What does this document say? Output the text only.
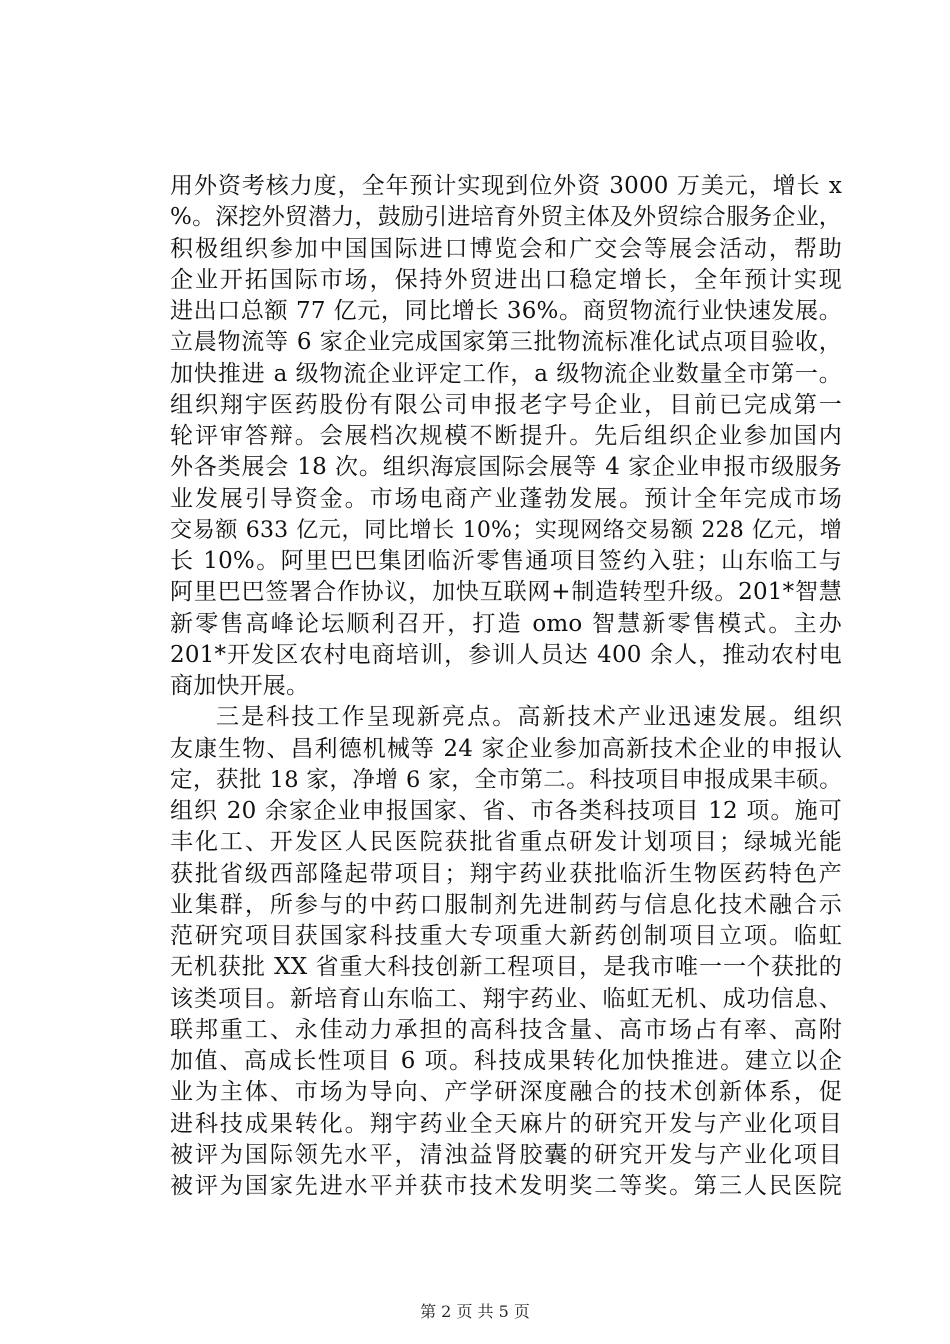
用外资考核力度，全年预计实现到位外资 3000 万美元，增长 x
%。深挖外贸潜力，鼓励引进培育外贸主体及外贸综合服务企业，
积极组织参加中国国际进口博览会和广交会等展会活动，帮助
企业开拓国际市场，保持外贸进出口稳定增长，全年预计实现
进出口总额 77 亿元，同比增长 36%。商贸物流行业快速发展。
立晨物流等 6 家企业完成国家第三批物流标准化试点项目验收，
加快推进 a 级物流企业评定工作，a 级物流企业数量全市第一。
组织翔宇医药股份有限公司申报老字号企业，目前已完成第一
轮评审答辩。会展档次规模不断提升。先后组织企业参加国内
外各类展会 18 次。组织海宸国际会展等 4 家企业申报市级服务
业发展引导资金。市场电商产业蓬勃发展。预计全年完成市场
交易额 633 亿元，同比增长 10%；实现网络交易额 228 亿元，增
长 10%。阿里巴巴集团临沂零售通项目签约入驻；山东临工与
阿里巴巴签署合作协议，加快互联网+制造转型升级。201*智慧
新零售高峰论坛顺利召开，打造 omo 智慧新零售模式。主办
201*开发区农村电商培训，参训人员达 400 余人，推动农村电
商加快开展。
三是科技工作呈现新亮点。高新技术产业迅速发展。组织
友康生物、昌利德机械等 24 家企业参加高新技术企业的申报认
定，获批 18 家，净增 6 家，全市第二。科技项目申报成果丰硕。
组织 20 余家企业申报国家、省、市各类科技项目 12 项。施可
丰化工、开发区人民医院获批省重点研发计划项目；绿城光能
获批省级西部隆起带项目；翔宇药业获批临沂生物医药特色产
业集群，所参与的中药口服制剂先进制药与信息化技术融合示
范研究项目获国家科技重大专项重大新药创制项目立项。临虹
无机获批 XX 省重大科技创新工程项目，是我市唯一一个获批的
该类项目。新培育山东临工、翔宇药业、临虹无机、成功信息、
联邦重工、永佳动力承担的高科技含量、高市场占有率、高附
加值、高成长性项目 6 项。科技成果转化加快推进。建立以企
业为主体、市场为导向、产学研深度融合的技术创新体系，促
进科技成果转化。翔宇药业全天麻片的研究开发与产业化项目
被评为国际领先水平，清浊益肾胶囊的研究开发与产业化项目
被评为国家先进水平并获市技术发明奖二等奖。第三人民医院
第 2 页 共 5 页
